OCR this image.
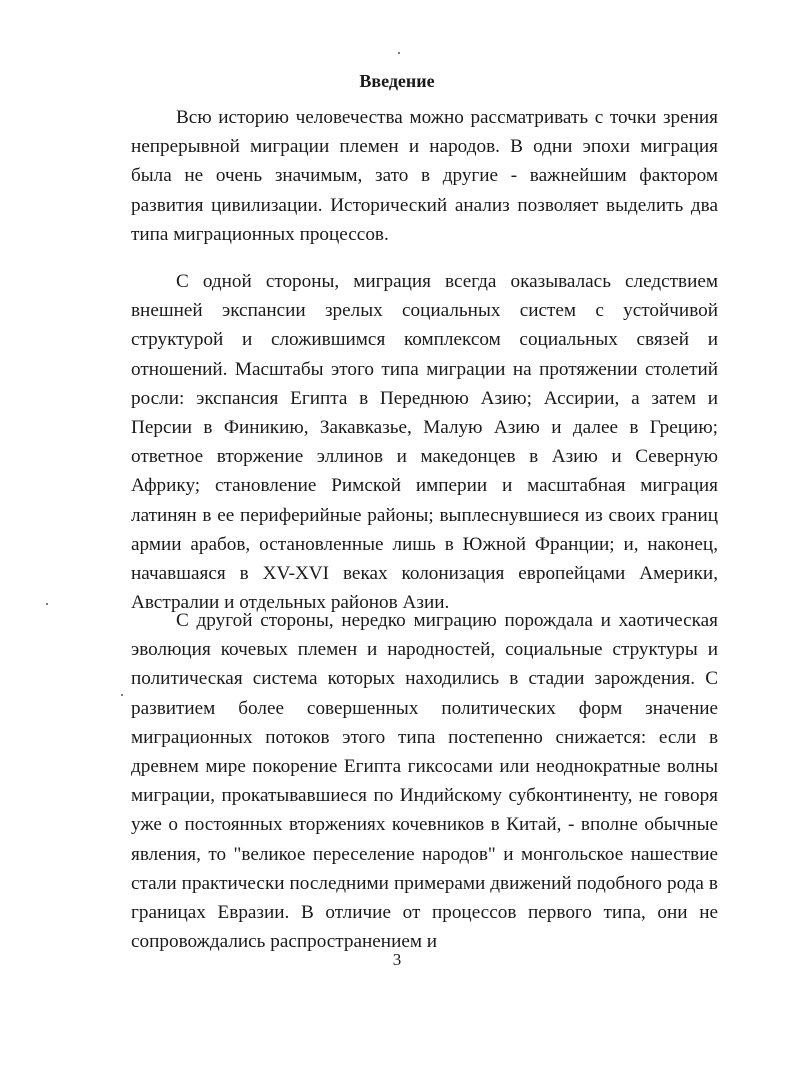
Введение

Всю историю человечества можно рассматривать с точки зрения непрерывной миграции племен и народов. В одни эпохи миграция была не очень значимым, зато в другие - важнейшим фактором развития цивилизации. Исторический анализ позволяет выделить два типа миграционных процессов.

С одной стороны, миграция всегда оказывалась следствием внешней экспансии зрелых социальных систем с устойчивой структурой и сложившимся комплексом социальных связей и отношений. Масштабы этого типа миграции на протяжении столетий росли: экспансия Египта в Переднюю Азию; Ассирии, а затем и Персии в Финикию, Закавказье, Малую Азию и далее в Грецию; ответное вторжение эллинов и македонцев в Азию и Северную Африку; становление Римской империи и масштабная миграция латинян в ее периферийные районы; выплеснувшиеся из своих границ армии арабов, остановленные лишь в Южной Франции; и, наконец, начавшаяся в XV-XVI веках колонизация европейцами Америки, Австралии и отдельных районов Азии.

С другой стороны, нередко миграцию порождала и хаотическая эволюция кочевых племен и народностей, социальные структуры и политическая система которых находились в стадии зарождения. С развитием более совершенных политических форм значение миграционных потоков этого типа постепенно снижается: если в древнем мире покорение Египта гиксосами или неоднократные волны миграции, прокатывавшиеся по Индийскому субконтиненту, не говоря уже о постоянных вторжениях кочевников в Китай, - вполне обычные явления, то "великое переселение народов" и монгольское нашествие стали практически последними примерами движений подобного рода в границах Евразии. В отличие от процессов первого типа, они не сопровождались распространением и

3
